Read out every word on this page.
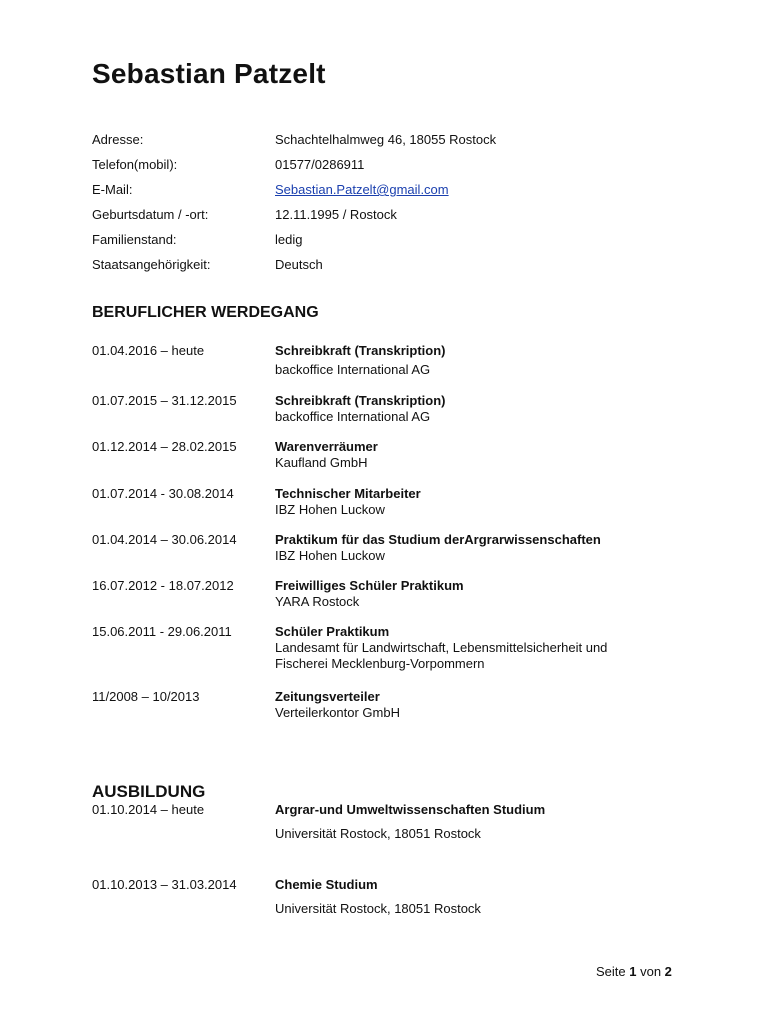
Sebastian Patzelt
Adresse:	Schachtelhalmweg 46, 18055 Rostock
Telefon(mobil):	01577/0286911
E-Mail:	Sebastian.Patzelt@gmail.com
Geburtsdatum / -ort:	12.11.1995 / Rostock
Familienstand:	ledig
Staatsangehörigkeit:	Deutsch
BERUFLICHER WERDEGANG
01.04.2016 – heute	Schreibkraft (Transkription)
backoffice International AG
01.07.2015 – 31.12.2015	Schreibkraft (Transkription)
backoffice International AG
01.12.2014 – 28.02.2015	Warenverräumer
Kaufland GmbH
01.07.2014 - 30.08.2014	Technischer Mitarbeiter
IBZ Hohen Luckow
01.04.2014 – 30.06.2014	Praktikum für das Studium derArgrarwissenschaften
IBZ Hohen Luckow
16.07.2012 - 18.07.2012	Freiwilliges Schüler Praktikum
YARA Rostock
15.06.2011 - 29.06.2011	Schüler Praktikum
Landesamt für Landwirtschaft, Lebensmittelsicherheit und
Fischerei Mecklenburg-Vorpommern
11/2008 – 10/2013	Zeitungsverteiler
Verteilerkontor GmbH
AUSBILDUNG
01.10.2014 – heute	Argrar-und Umweltwissenschaften Studium
Universität Rostock, 18051 Rostock
01.10.2013 – 31.03.2014	Chemie Studium
Universität Rostock, 18051 Rostock
Seite 1 von 2
